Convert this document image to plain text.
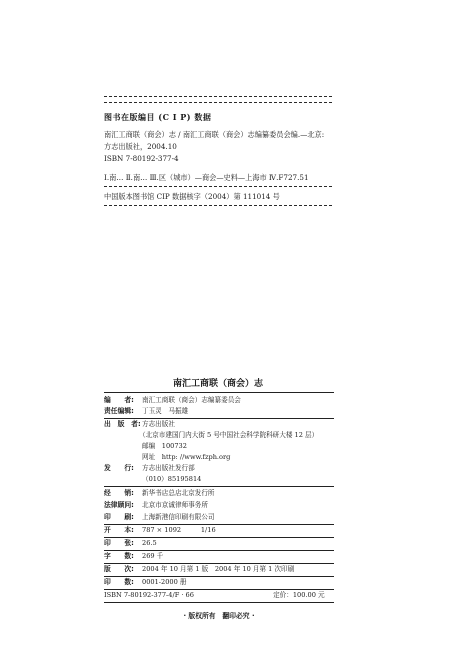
图书在版编目 (C I P) 数据
南汇工商联（商会）志 / 南汇工商联（商会）志编纂委员会编.—北京:
方志出版社，2004.10
ISBN 7-80192-377-4
Ⅰ.南… Ⅱ.南… Ⅲ.区（城市）—商会—史料—上海市 Ⅳ.F727.51
中国版本图书馆 CIP 数据核字（2004）第 111014 号
南汇工商联（商会）志
编　　者: 南汇工商联（商会）志编纂委员会
责任编辑: 丁玉灵　马振雄
出　版　者: 方志出版社
（北京市建国门内大街 5 号中国社会科学院科研大楼 12 层）
邮编　100732
网址　http: //www.fzph.org
发　　行: 方志出版社发行部
（010）85195814
经　　销: 新华书店总店北京发行所
法律顾问: 北京市京诚律师事务所
印　　刷: 上海新港信印刷有限公司
开　　本: 787 × 1092　　　1/16
印　　张: 26.5
字　　数: 269 千
版　　次: 2004 年 10 月第 1 版　2004 年 10 月第 1 次印刷
印　　数: 0001-2000 册
ISBN 7-80192-377-4/F · 66　　　　　　　　　　　　定价：100.00 元
· 版权所有　翻印必究 ·
